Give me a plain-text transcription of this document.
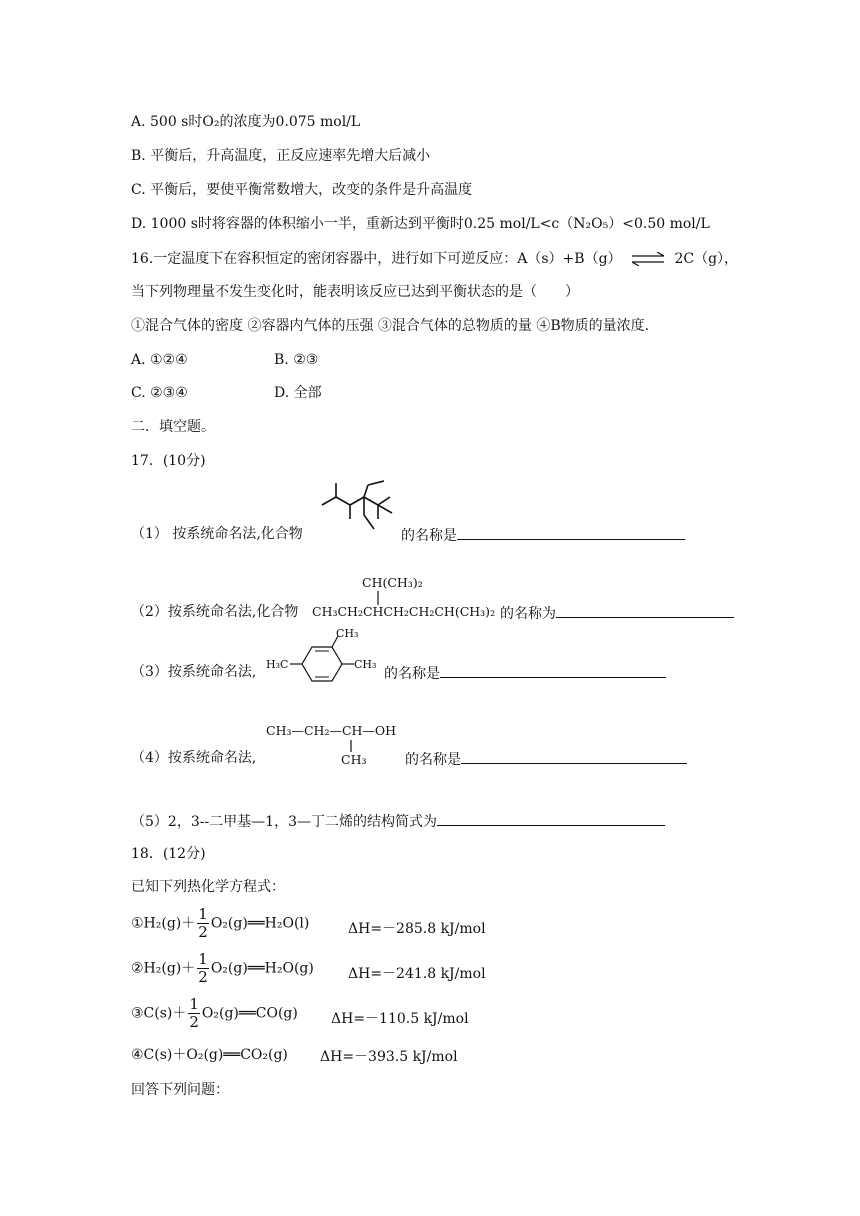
A. 500 s时O₂的浓度为0.075 mol/L
B. 平衡后，升高温度，正反应速率先增大后减小
C. 平衡后，要使平衡常数增大，改变的条件是升高温度
D. 1000 s时将容器的体积缩小一半，重新达到平衡时0.25 mol/L<c（N₂O₅）<0.50 mol/L
16.一定温度下在容积恒定的密闭容器中，进行如下可逆反应：A（s）+B（g） ⇌ 2C（g），
当下列物理量不发生变化时，能表明该反应已达到平衡状态的是（　　）
①混合气体的密度 ②容器内气体的压强 ③混合气体的总物质的量 ④B物质的量浓度.
A. ①②④	B. ②③
C. ②③④	D. 全部
二．填空题。
17．(10分)
（1） 按系统命名法,化合物	的名称是
（2）按系统命名法,化合物
CH(CH₃)₂
CH₃CH₂CHCH₂CH₂CH(CH₃)₂ 的名称为
（3）按系统命名法, H₃C
CH₃
CH₃
的名称是
（4）按系统命名法,
CH₃—CH₂—CH—OH
CH₃	的名称是
（5）2，3--二甲基—1，3—丁二烯的结构简式为
18．(12分)
已知下列热化学方程式：
①H₂(g)＋ $\frac{1}{2}$ O₂(g)══H₂O(l)	ΔH=－285.8 kJ/mol
②H₂(g)＋ $\frac{1}{2}$ O₂(g)══H₂O(g) ΔH=－241.8 kJ/mol
③C(s)＋ $\frac{1}{2}$ O₂(g)══CO(g) ΔH=－110.5 kJ/mol
④C(s)＋O₂(g)══CO₂(g) ΔH=－393.5 kJ/mol
回答下列问题：
